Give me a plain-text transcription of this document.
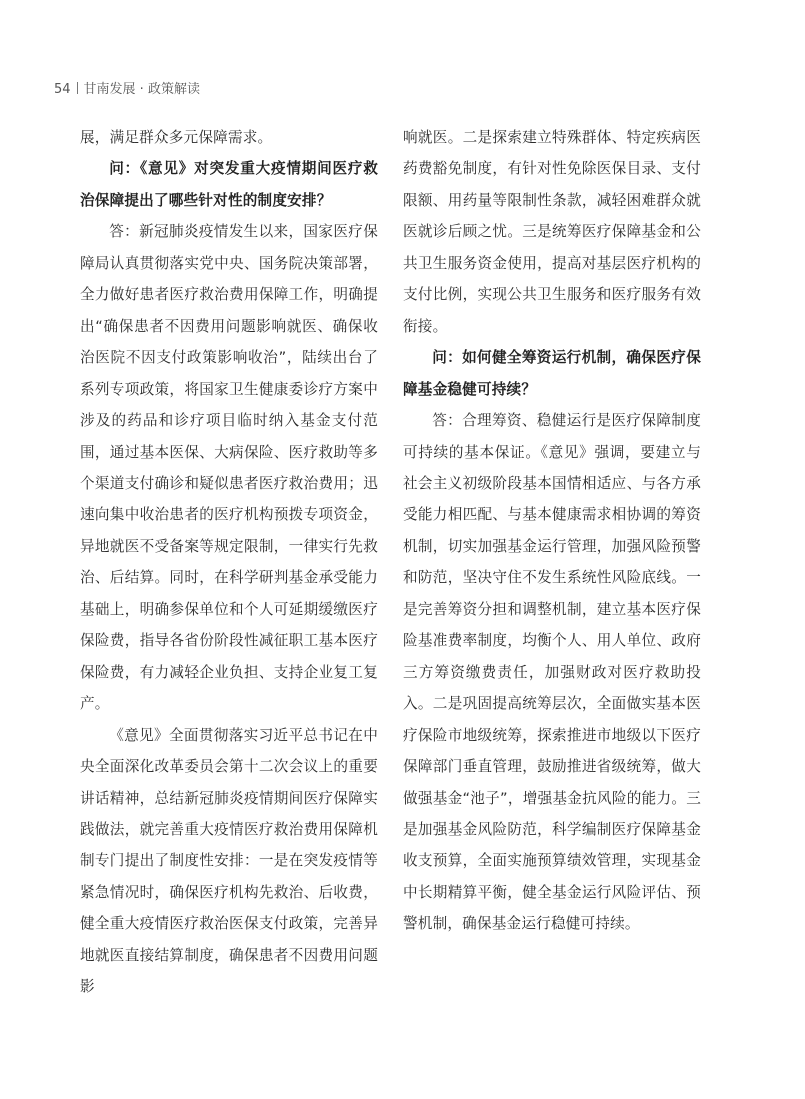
54 甘南发展 · 政策解读

展，满足群众多元保障需求。

问：《意见》对突发重大疫情期间医疗救治保障提出了哪些针对性的制度安排？

答：新冠肺炎疫情发生以来，国家医疗保障局认真贯彻落实党中央、国务院决策部署，全力做好患者医疗救治费用保障工作，明确提出“确保患者不因费用问题影响就医、确保收治医院不因支付政策影响收治”，陆续出台了系列专项政策，将国家卫生健康委诊疗方案中涉及的药品和诊疗项目临时纳入基金支付范围，通过基本医保、大病保险、医疗救助等多个渠道支付确诊和疑似患者医疗救治费用；迅速向集中收治患者的医疗机构预拨专项资金，异地就医不受备案等规定限制，一律实行先救治、后结算。同时，在科学研判基金承受能力基础上，明确参保单位和个人可延期缓缴医疗保险费，指导各省份阶段性减征职工基本医疗保险费，有力减轻企业负担、支持企业复工复产。

《意见》全面贯彻落实习近平总书记在中央全面深化改革委员会第十二次会议上的重要讲话精神，总结新冠肺炎疫情期间医疗保障实践做法，就完善重大疫情医疗救治费用保障机制专门提出了制度性安排：一是在突发疫情等紧急情况时，确保医疗机构先救治、后收费，健全重大疫情医疗救治医保支付政策，完善异地就医直接结算制度，确保患者不因费用问题影

响就医。二是探索建立特殊群体、特定疾病医药费豁免制度，有针对性免除医保目录、支付限额、用药量等限制性条款，减轻困难群众就医就诊后顾之忧。三是统筹医疗保障基金和公共卫生服务资金使用，提高对基层医疗机构的支付比例，实现公共卫生服务和医疗服务有效衔接。

问：如何健全筹资运行机制，确保医疗保障基金稳健可持续？

答：合理筹资、稳健运行是医疗保障制度可持续的基本保证。《意见》强调，要建立与社会主义初级阶段基本国情相适应、与各方承受能力相匹配、与基本健康需求相协调的筹资机制，切实加强基金运行管理，加强风险预警和防范，坚决守住不发生系统性风险底线。一是完善筹资分担和调整机制，建立基本医疗保险基准费率制度，均衡个人、用人单位、政府三方筹资缴费责任，加强财政对医疗救助投入。二是巩固提高统筹层次，全面做实基本医疗保险市地级统筹，探索推进市地级以下医疗保障部门垂直管理，鼓励推进省级统筹，做大做强基金“池子”，增强基金抗风险的能力。三是加强基金风险防范，科学编制医疗保障基金收支预算，全面实施预算绩效管理，实现基金中长期精算平衡，健全基金运行风险评估、预警机制，确保基金运行稳健可持续。
